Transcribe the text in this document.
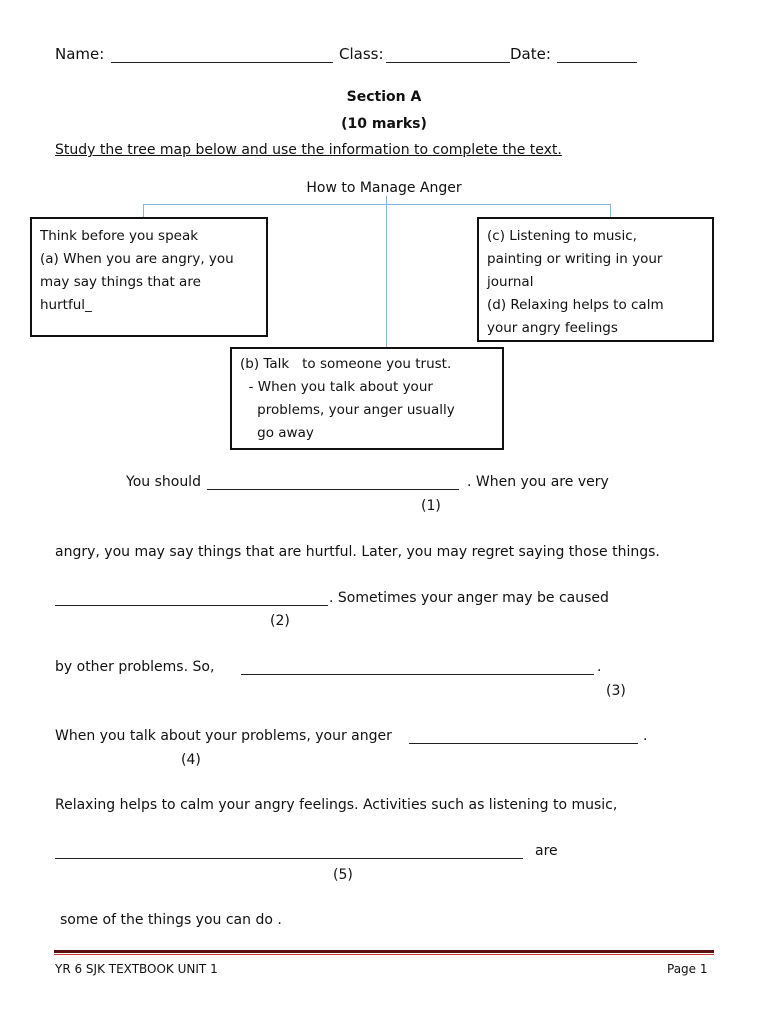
Name:	Class:	Date:
Section A
(10 marks)
Study the tree map below and use the information to complete the text.
How to Manage Anger
Think before you speak
(a) When you are angry, you
may say things that are
hurtful_
(c) Listening to music,
painting or writing in your
journal
(d) Relaxing helps to calm
your angry feelings
(b) Talk   to someone you trust.
- When you talk about your
problems, your anger usually
go away
You should	. When you are very
(1)
angry, you may say things that are hurtful. Later, you may regret saying those things.
. Sometimes your anger may be caused
(2)
by other problems. So,	.
(3)
When you talk about your problems, your anger	.
(4)
Relaxing helps to calm your angry feelings. Activities such as listening to music,
are
(5)
some of the things you can do .
YR 6 SJK TEXTBOOK UNIT 1	Page 1
